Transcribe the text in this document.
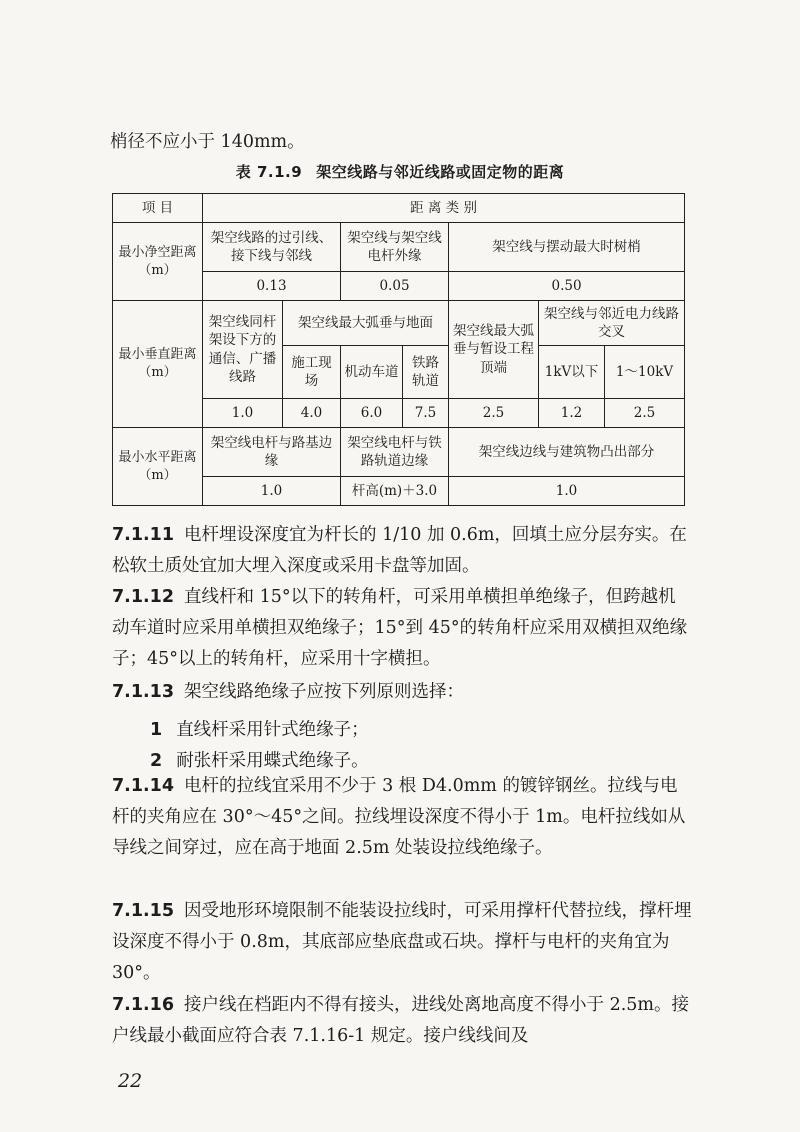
梢径不应小于 140mm。
表 7.1.9 架空线路与邻近线路或固定物的距离
项 目	距 离 类 别						
最小净空距离（m）	架空线路的过引线、接下线与邻线		架空线与架空线电杆外缘		架空线与摆动最大时树梢		
	0.13		0.05		0.50		
最小垂直距离（m）	架空线同杆架设下方的通信、广播线路	架空线最大弧垂与地面			架空线最大弧垂与暂设工程顶端	架空线与邻近电力线路交叉	
		施工现场	机动车道	铁路轨道		1kV以下	1～10kV
	1.0	4.0	6.0	7.5	2.5	1.2	2.5
最小水平距离（m）	架空线电杆与路基边缘		架空线电杆与铁路轨道边缘		架空线边线与建筑物凸出部分		
	1.0		杆高(m)＋3.0		1.0		
7.1.11 电杆埋设深度宜为杆长的 1/10 加 0.6m，回填土应分层夯实。在松软土质处宜加大埋入深度或采用卡盘等加固。
7.1.12 直线杆和 15°以下的转角杆，可采用单横担单绝缘子，但跨越机动车道时应采用单横担双绝缘子；15°到 45°的转角杆应采用双横担双绝缘子；45°以上的转角杆，应采用十字横担。
7.1.13 架空线路绝缘子应按下列原则选择：
1 直线杆采用针式绝缘子；
2 耐张杆采用蝶式绝缘子。
7.1.14 电杆的拉线宜采用不少于 3 根 D4.0mm 的镀锌钢丝。拉线与电杆的夹角应在 30°～45°之间。拉线埋设深度不得小于 1m。电杆拉线如从导线之间穿过，应在高于地面 2.5m 处装设拉线绝缘子。
7.1.15 因受地形环境限制不能装设拉线时，可采用撑杆代替拉线，撑杆埋设深度不得小于 0.8m，其底部应垫底盘或石块。撑杆与电杆的夹角宜为 30°。
7.1.16 接户线在档距内不得有接头，进线处离地高度不得小于 2.5m。接户线最小截面应符合表 7.1.16-1 规定。接户线线间及
22
